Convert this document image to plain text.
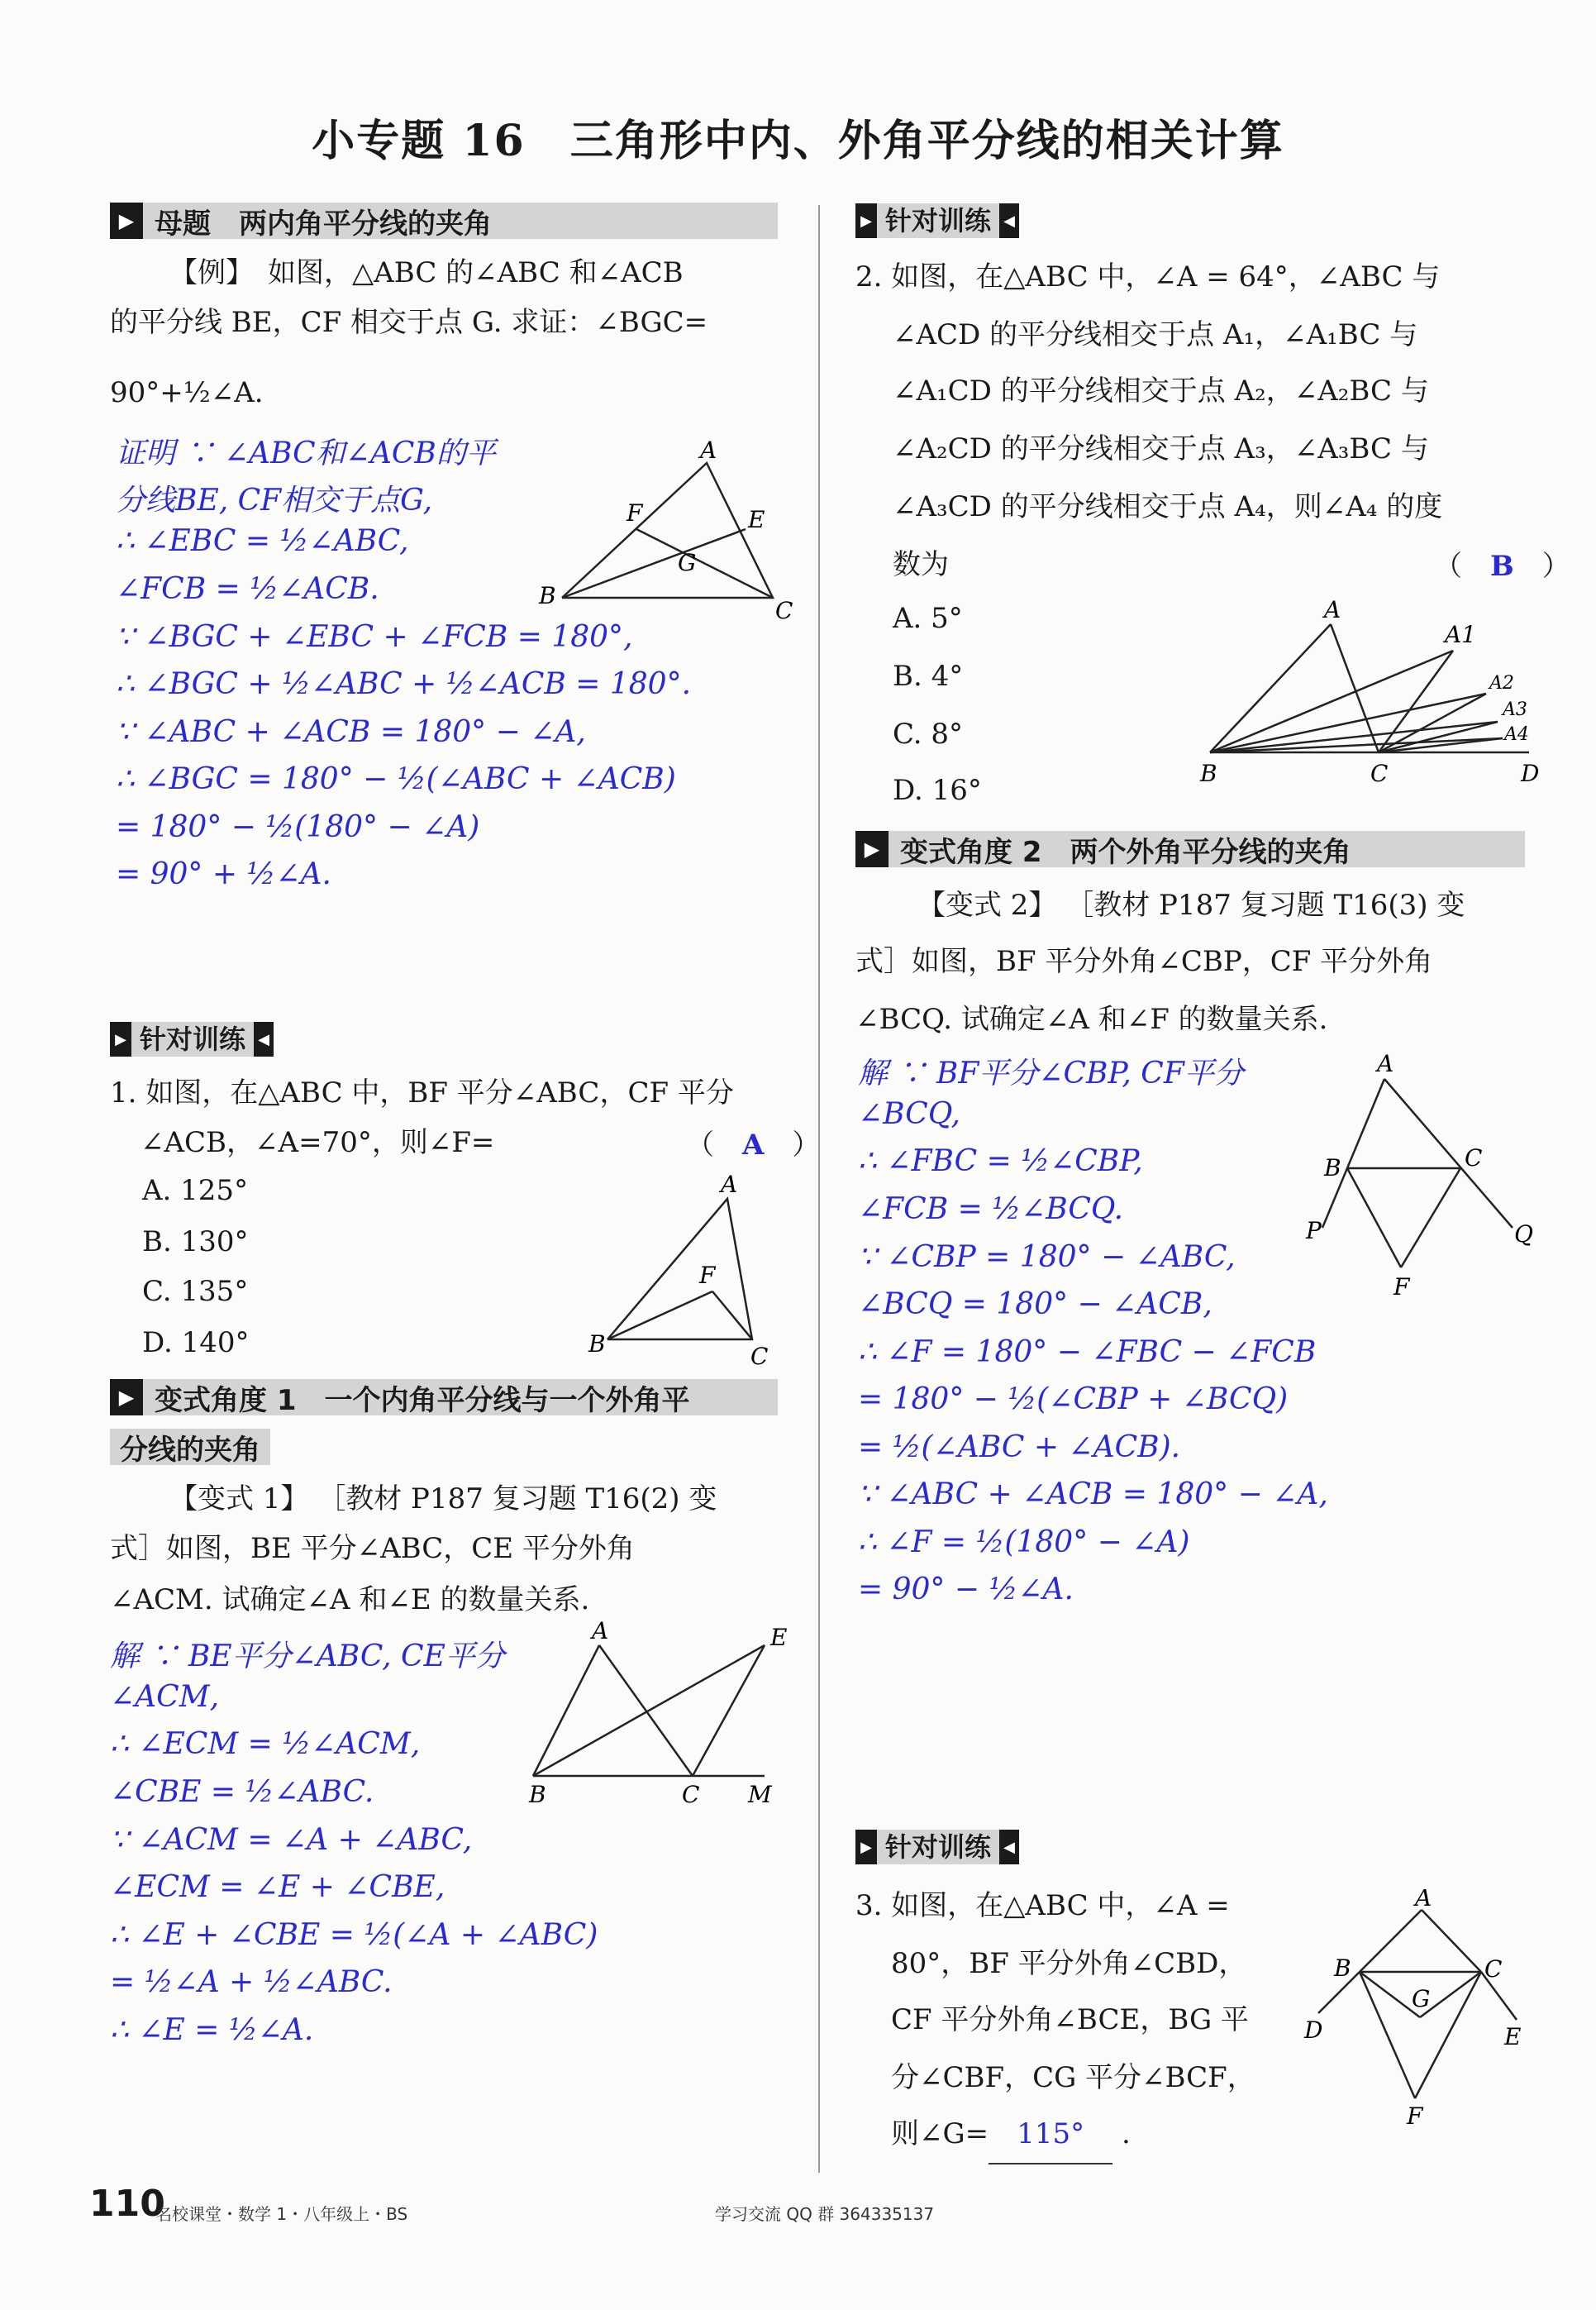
小专题 16　三角形中内、外角平分线的相关计算
▶ 母题　两内角平分线的夹角
【例】　如图，△ABC 的∠ABC 和∠ACB
的平分线 BE，CF 相交于点 G. 求证：∠BGC=
90°+½∠A.
证明 ∵ ∠ABC和∠ACB的平
分线BE, CF相交于点G,
∴ ∠EBC = ½∠ABC,
∠FCB = ½∠ACB.
∵ ∠BGC + ∠EBC + ∠FCB = 180°,
∴ ∠BGC + ½∠ABC + ½∠ACB = 180°.
∵ ∠ABC + ∠ACB = 180° − ∠A,
∴ ∠BGC = 180° − ½(∠ABC + ∠ACB)
= 180° − ½(180° − ∠A)
= 90° + ½∠A.
A
F	E
G
B
C
▶ 针对训练 ◀
1. 如图，在△ABC 中，BF 平分∠ABC，CF 平分
∠ACB，∠A=70°，则∠F=	（　A　）
A. 125°
B. 130°
C. 135°
D. 140°
A
F
B	C
▶ 变式角度 1　一个内角平分线与一个外角平
分线的夹角
【变式 1】 ［教材 P187 复习题 T16(2) 变
式］如图，BE 平分∠ABC，CE 平分外角
∠ACM. 试确定∠A 和∠E 的数量关系.
解 ∵ BE平分∠ABC, CE平分
∠ACM,
∴ ∠ECM = ½∠ACM,
∠CBE = ½∠ABC.
∵ ∠ACM = ∠A + ∠ABC,
∠ECM = ∠E + ∠CBE,
∴ ∠E + ∠CBE = ½(∠A + ∠ABC)
= ½∠A + ½∠ABC.
∴ ∠E = ½∠A.
A	E
B	C M
▶ 针对训练 ◀
2. 如图，在△ABC 中，∠A = 64°，∠ABC 与
∠ACD 的平分线相交于点 A₁，∠A₁BC 与
∠A₁CD 的平分线相交于点 A₂，∠A₂BC 与
∠A₂CD 的平分线相交于点 A₃，∠A₃BC 与
∠A₃CD 的平分线相交于点 A₄，则∠A₄ 的度
数为	（　B　）
A. 5°
B. 4°
C. 8°
D. 16°
A
A1
A2
A3
A4
B	C	D
▶ 变式角度 2　两个外角平分线的夹角
【变式 2】 ［教材 P187 复习题 T16(3) 变
式］如图，BF 平分外角∠CBP，CF 平分外角
∠BCQ. 试确定∠A 和∠F 的数量关系.
解 ∵ BF平分∠CBP, CF平分
∠BCQ,
∴ ∠FBC = ½∠CBP,
∠FCB = ½∠BCQ.
∵ ∠CBP = 180° − ∠ABC,
∠BCQ = 180° − ∠ACB,
∴ ∠F = 180° − ∠FBC − ∠FCB
= 180° − ½(∠CBP + ∠BCQ)
= ½(∠ABC + ∠ACB).
∵ ∠ABC + ∠ACB = 180° − ∠A,
∴ ∠F = ½(180° − ∠A)
= 90° − ½∠A.
A
B	C
P	Q
F
▶ 针对训练 ◀
3. 如图，在△ABC 中，∠A =
80°，BF 平分外角∠CBD，
CF 平分外角∠BCE，BG 平
分∠CBF，CG 平分∠BCF，
则∠G= 115° .
A
B	C
G
D	E
F
110
名校课堂・数学 1・八年级上・BS	学习交流 QQ 群 364335137
